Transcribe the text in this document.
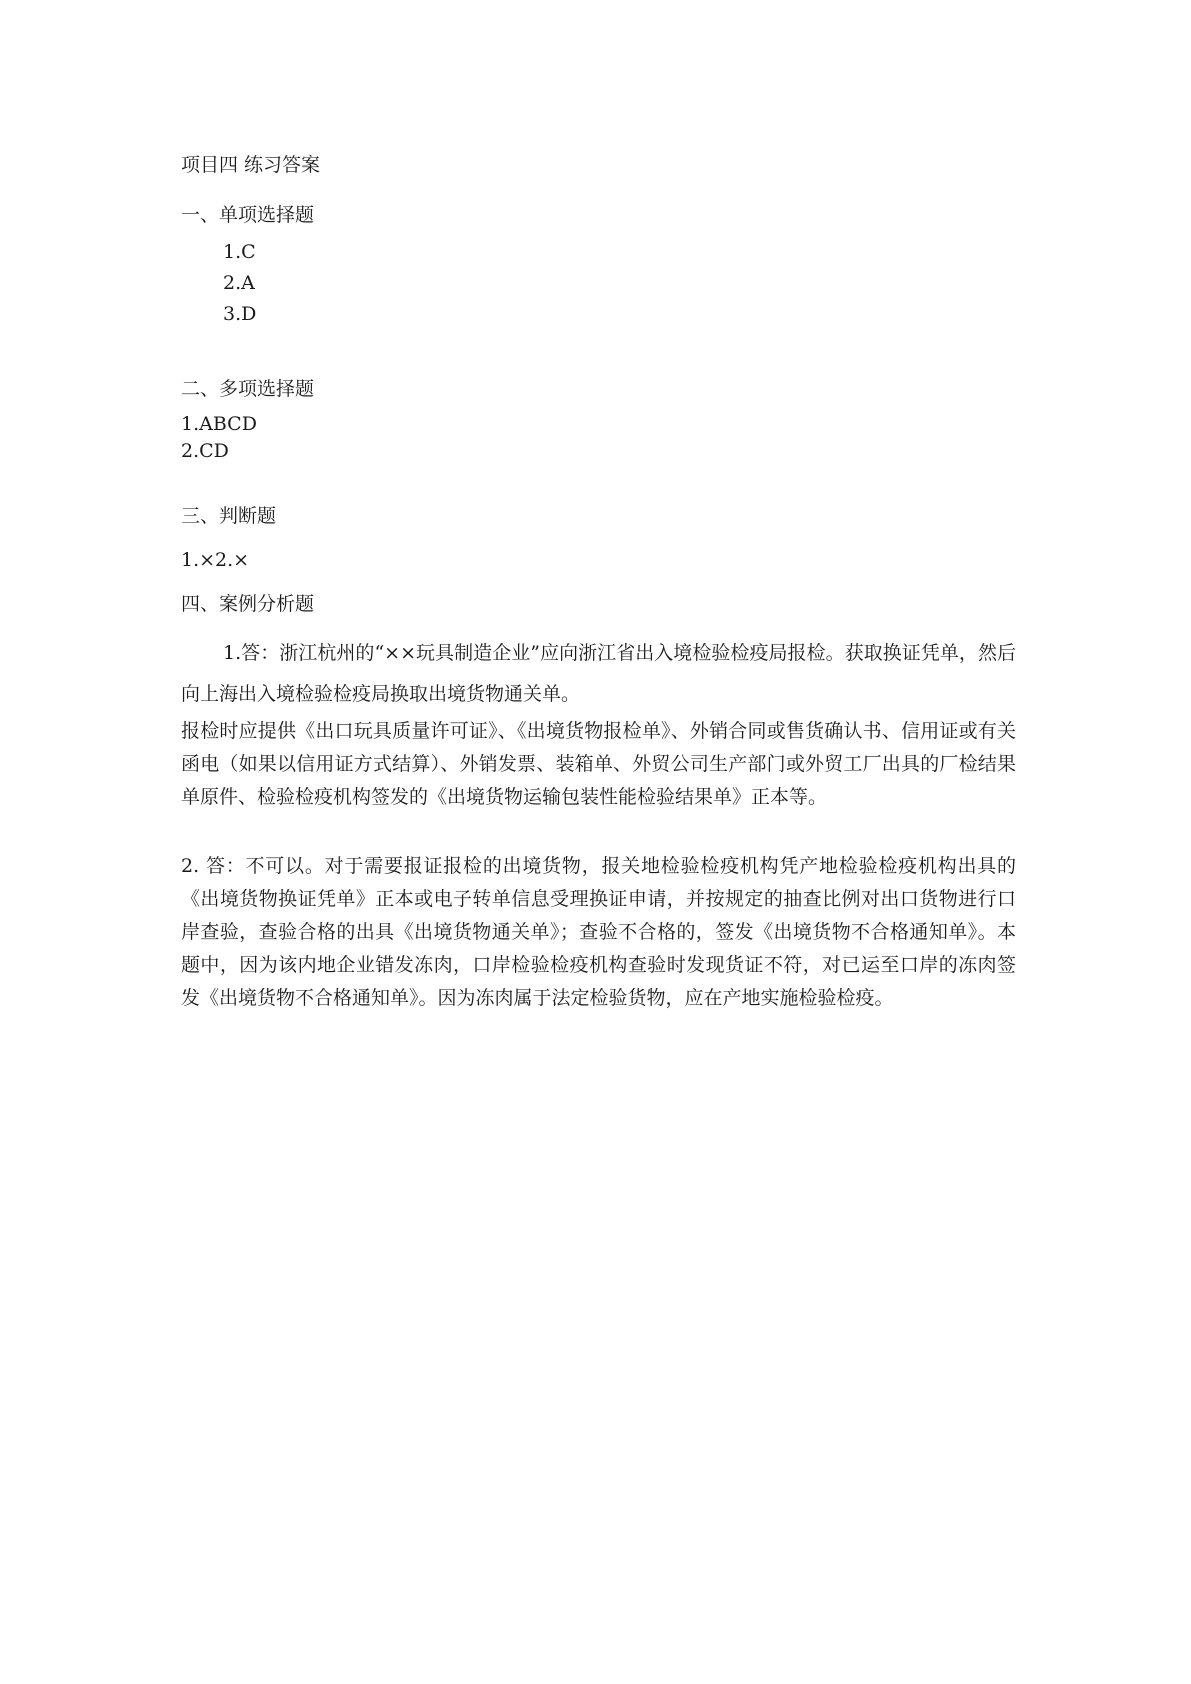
项目四 练习答案

一、单项选择题

1.C
2.A
3.D

二、多项选择题

1.ABCD
2.CD

三、判断题

1.×2.×

四、案例分析题

1.答：浙江杭州的“××玩具制造企业”应向浙江省出入境检验检疫局报检。获取换证凭单，然后向上海出入境检验检疫局换取出境货物通关单。

报检时应提供《出口玩具质量许可证》、《出境货物报检单》、外销合同或售货确认书、信用证或有关函电（如果以信用证方式结算）、外销发票、装箱单、外贸公司生产部门或外贸工厂出具的厂检结果单原件、检验检疫机构签发的《出境货物运输包装性能检验结果单》正本等。

2. 答：不可以。对于需要报证报检的出境货物，报关地检验检疫机构凭产地检验检疫机构出具的《出境货物换证凭单》正本或电子转单信息受理换证申请，并按规定的抽查比例对出口货物进行口岸查验，查验合格的出具《出境货物通关单》；查验不合格的，签发《出境货物不合格通知单》。本题中，因为该内地企业错发冻肉，口岸检验检疫机构查验时发现货证不符，对已运至口岸的冻肉签发《出境货物不合格通知单》。因为冻肉属于法定检验货物，应在产地实施检验检疫。
